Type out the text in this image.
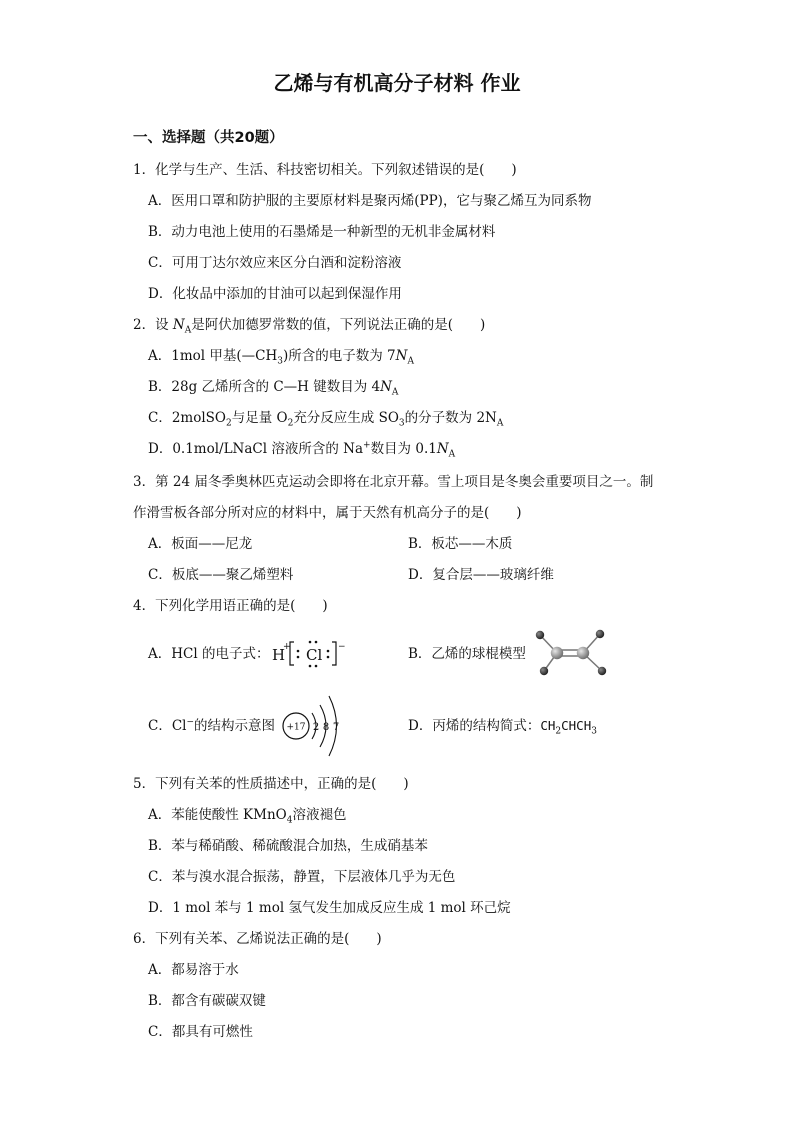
乙烯与有机高分子材料 作业
一、选择题（共20题）
1．化学与生产、生活、科技密切相关。下列叙述错误的是(　　)
A．医用口罩和防护服的主要原材料是聚丙烯(PP)，它与聚乙烯互为同系物
B．动力电池上使用的石墨烯是一种新型的无机非金属材料
C．可用丁达尔效应来区分白酒和淀粉溶液
D．化妆品中添加的甘油可以起到保湿作用
2．设 $N_A$是阿伏加德罗常数的值，下列说法正确的是(　　)
A．1mol 甲基$(—CH_3)$所含的电子数为 $7N_A$
B．28g 乙烯所含的 C—H 键数目为 $4N_A$
C．2molSO$_2$与足量 $O_2$充分反应生成 $SO_3$的分子数为 $2N_A$
D．0.1mol/LNaCl 溶液所含的 Na+数目为 $0.1N_A$
3．第 24 届冬季奥林匹克运动会即将在北京开幕。雪上项目是冬奥会重要项目之一。制
作滑雪板各部分所对应的材料中，属于天然有机高分子的是(　　)
A．板面——尼龙	B．板芯——木质
C．板底——聚乙烯塑料	D．复合层——玻璃纤维
4．下列化学用语正确的是(　　)
A．HCl 的电子式： H
+ Cl −	B．乙烯的球棍模型
C．Cl−的结构示意图 +17 2 8 7	D．丙烯的结构简式：$CH_2CHCH_3$
5．下列有关苯的性质描述中，正确的是(　　)
A．苯能使酸性 KMnO$_4$溶液褪色
B．苯与稀硝酸、稀硫酸混合加热，生成硝基苯
C．苯与溴水混合振荡，静置，下层液体几乎为无色
D．1 mol 苯与 1 mol 氢气发生加成反应生成 1 mol 环己烷
6．下列有关苯、乙烯说法正确的是(　　)
A．都易溶于水
B．都含有碳碳双键
C．都具有可燃性
